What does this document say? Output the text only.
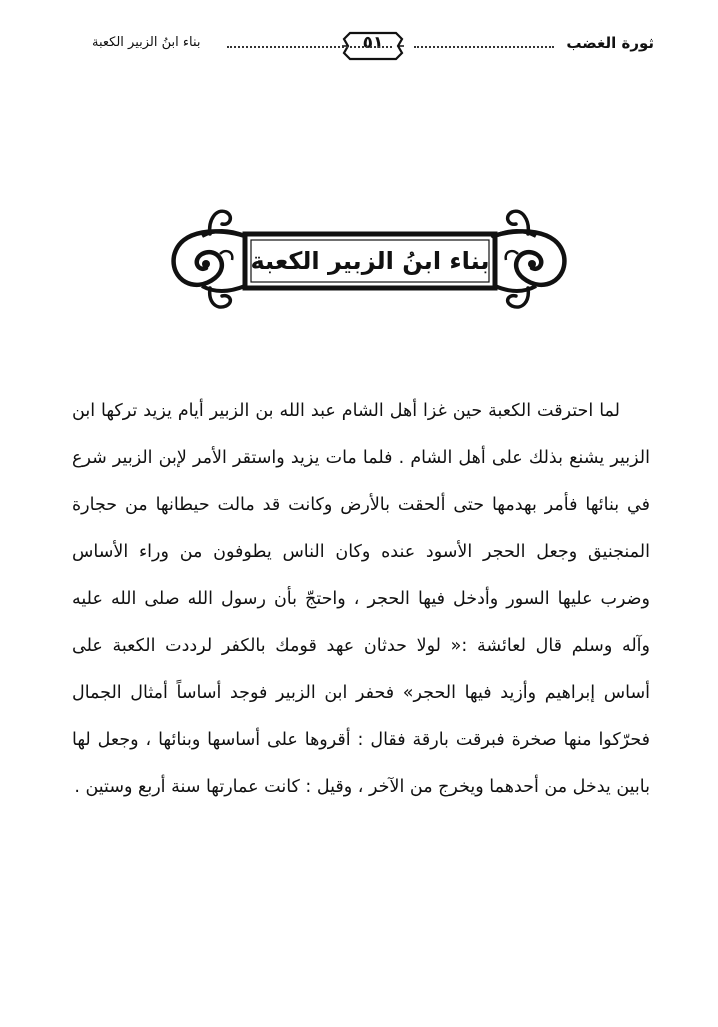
ثورة الغضب
٥١
بناء ابنُ الزبير الكعبة
بناء ابنُ الزبير الكعبة

لما احترقت الكعبة حين غزا أهل الشام عبد الله بن الزبير أيام يزيد تركها ابن الزبير يشنع بذلك على أهل الشام . فلما مات يزيد واستقر الأمر لإبن الزبير شرع في بنائها فأمر بهدمها حتى ألحقت بالأرض وكانت قد مالت حيطانها من حجارة المنجنيق وجعل الحجر الأسود عنده وكان الناس يطوفون من وراء الأساس وضرب عليها السور وأدخل فيها الحجر ، واحتجّ بأن رسول الله صلى الله عليه وآله وسلم قال لعائشة :« لولا حدثان عهد قومك بالكفر لرددت الكعبة على أساس إبراهيم وأزيد فيها الحجر» فحفر ابن الزبير فوجد أساساً أمثال الجمال فحرّكوا منها صخرة فبرقت بارقة فقال : أقروها على أساسها وبنائها ، وجعل لها بابين يدخل من أحدهما ويخرج من الآخر ، وقيل : كانت عمارتها سنة أربع وستين .
